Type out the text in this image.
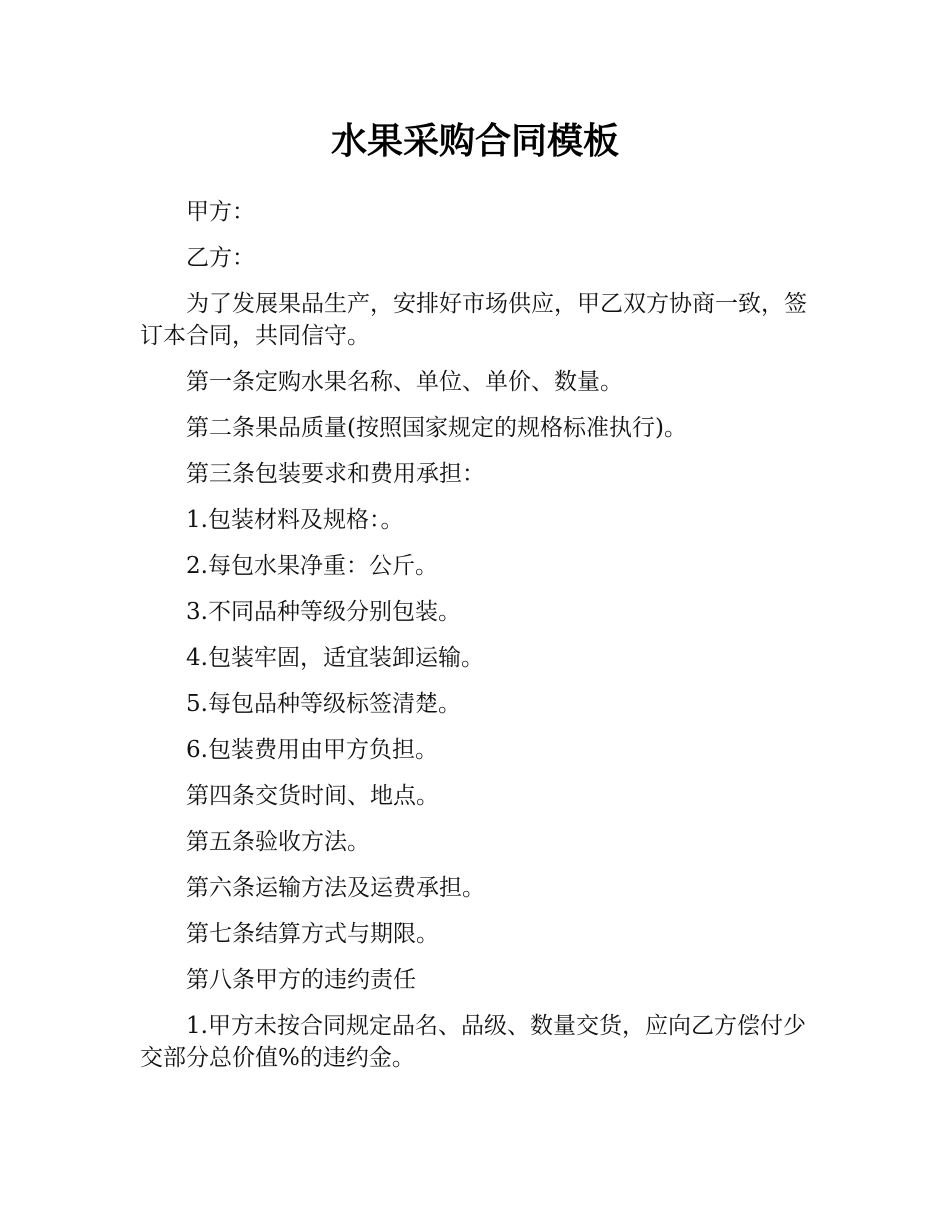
水果采购合同模板

甲方：

乙方：

为了发展果品生产，安排好市场供应，甲乙双方协商一致，签订本合同，共同信守。

第一条定购水果名称、单位、单价、数量。

第二条果品质量(按照国家规定的规格标准执行)。

第三条包装要求和费用承担：

1.包装材料及规格：。

2.每包水果净重：公斤。

3.不同品种等级分别包装。

4.包装牢固，适宜装卸运输。

5.每包品种等级标签清楚。

6.包装费用由甲方负担。

第四条交货时间、地点。

第五条验收方法。

第六条运输方法及运费承担。

第七条结算方式与期限。

第八条甲方的违约责任

1.甲方未按合同规定品名、品级、数量交货，应向乙方偿付少交部分总价值%的违约金。
